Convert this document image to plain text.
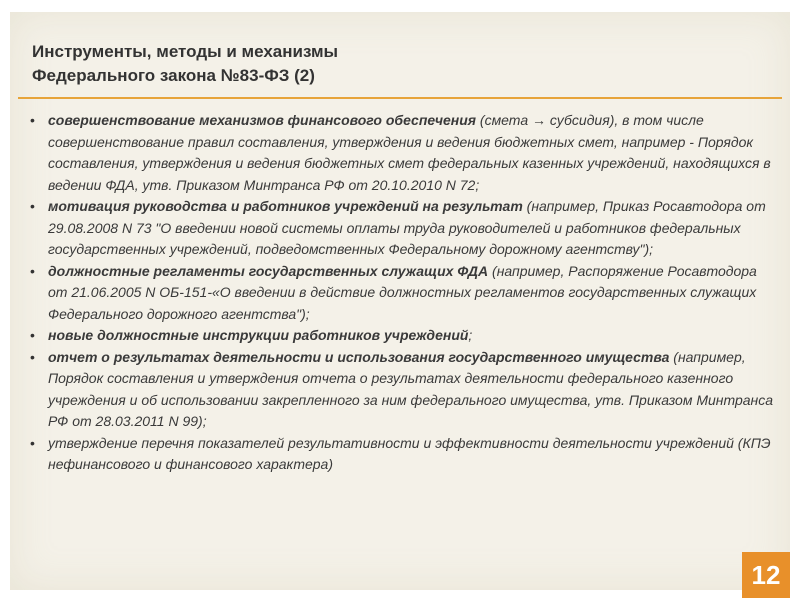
Инструменты, методы и механизмы
Федерального закона №83-ФЗ (2)
• совершенствование механизмов финансового обеспечения (смета → субсидия), в том числе совершенствование правил составления, утверждения и ведения бюджетных смет, например - Порядок составления, утверждения и ведения бюджетных смет федеральных казенных учреждений, находящихся в ведении ФДА, утв. Приказом Минтранса РФ от 20.10.2010 N 72;
• мотивация руководства и работников учреждений на результат (например, Приказ Росавтодора от 29.08.2008 N 73 "О введении новой системы оплаты труда руководителей и работников федеральных государственных учреждений, подведомственных Федеральному дорожному агентству");
• должностные регламенты государственных служащих ФДА (например, Распоряжение Росавтодора от 21.06.2005 N ОБ-151-«О введении в действие должностных регламентов государственных служащих Федерального дорожного агентства");
• новые должностные инструкции работников учреждений;
• отчет о результатах деятельности и использования государственного имущества (например, Порядок составления и утверждения отчета о результатах деятельности федерального казенного учреждения и об использовании закрепленного за ним федерального имущества, утв. Приказом Минтранса РФ от 28.03.2011 N 99);
• утверждение перечня показателей результативности и эффективности деятельности учреждений (КПЭ нефинансового и финансового характера)
12
